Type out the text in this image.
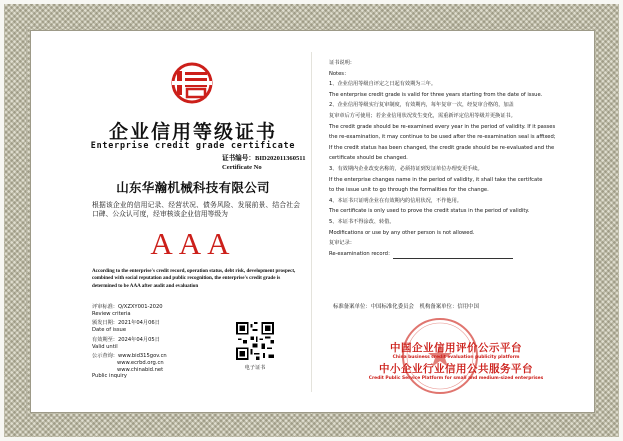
企业信用等级证书
Enterprise credit grade certificate
证书编号：BID202011360511
Certificate No
山东华瀚机械科技有限公司
根据该企业的信用记录、经营状况、债务风险、发展前景、结合社会口碑、公众认可度，经审核该企业信用等级为
AAA
According to the enterprise's credit record, operation status, debt risk, development prospect, combined with social reputation and public recognition, the enterprise's credit grade is determined to be AAA after audit and evaluation
评审标准：Q/XZXY001-2020
Review criteria
颁发日期：2021年04月06日
Date of issue
有效期至：2024年04月05日
Valid until
公示查询：www.bid315gov.cn
www.ecrbd.org.cn
www.chinabid.net
Public inquiry
电子证书

证书说明：

Notes：

1、企业信用等级自评定之日起有效期为三年。

The enterprise credit grade is valid for three years starting from the date of issue.

2、企业信用等级实行复审制度，有效期内，每年复审一次，经复审合格的，加盖

复审章后方可使用；若企业信用状况发生变化，需重新评定信用等级并更换证书。

The credit grade should be re-examined every year in the period of validity. If it passes

the re-examination, it may continue to be used after the re-examination seal is affixed;

If the credit status has been changed, the credit grade should be re-evaluated and the

certificate should be changed.

3、有效期内企业改变名称的，必须持证到发证单位办理变更手续。

If the enterprise changes name in the period of validity, it shall take the certifcate

to the issue unit to go through the formalities for the change.

4、本证书只证明企业在有效期内的信用状况，不作他用。

The certificate is only used to prove the credit status in the period of validity.

5、本证书不得涂改、转借。

Modifications or use by any other person is not allowed.

复审记录：

Re-examination record：

标准备案单位：中国标准化委员会 机构备案单位：信用中国
中国企业信用评价公示平台
China business credit evaluation publicity platform
中小企业行业信用公共服务平台
Credit Public Service Platform for small and medium-sized enterprises
